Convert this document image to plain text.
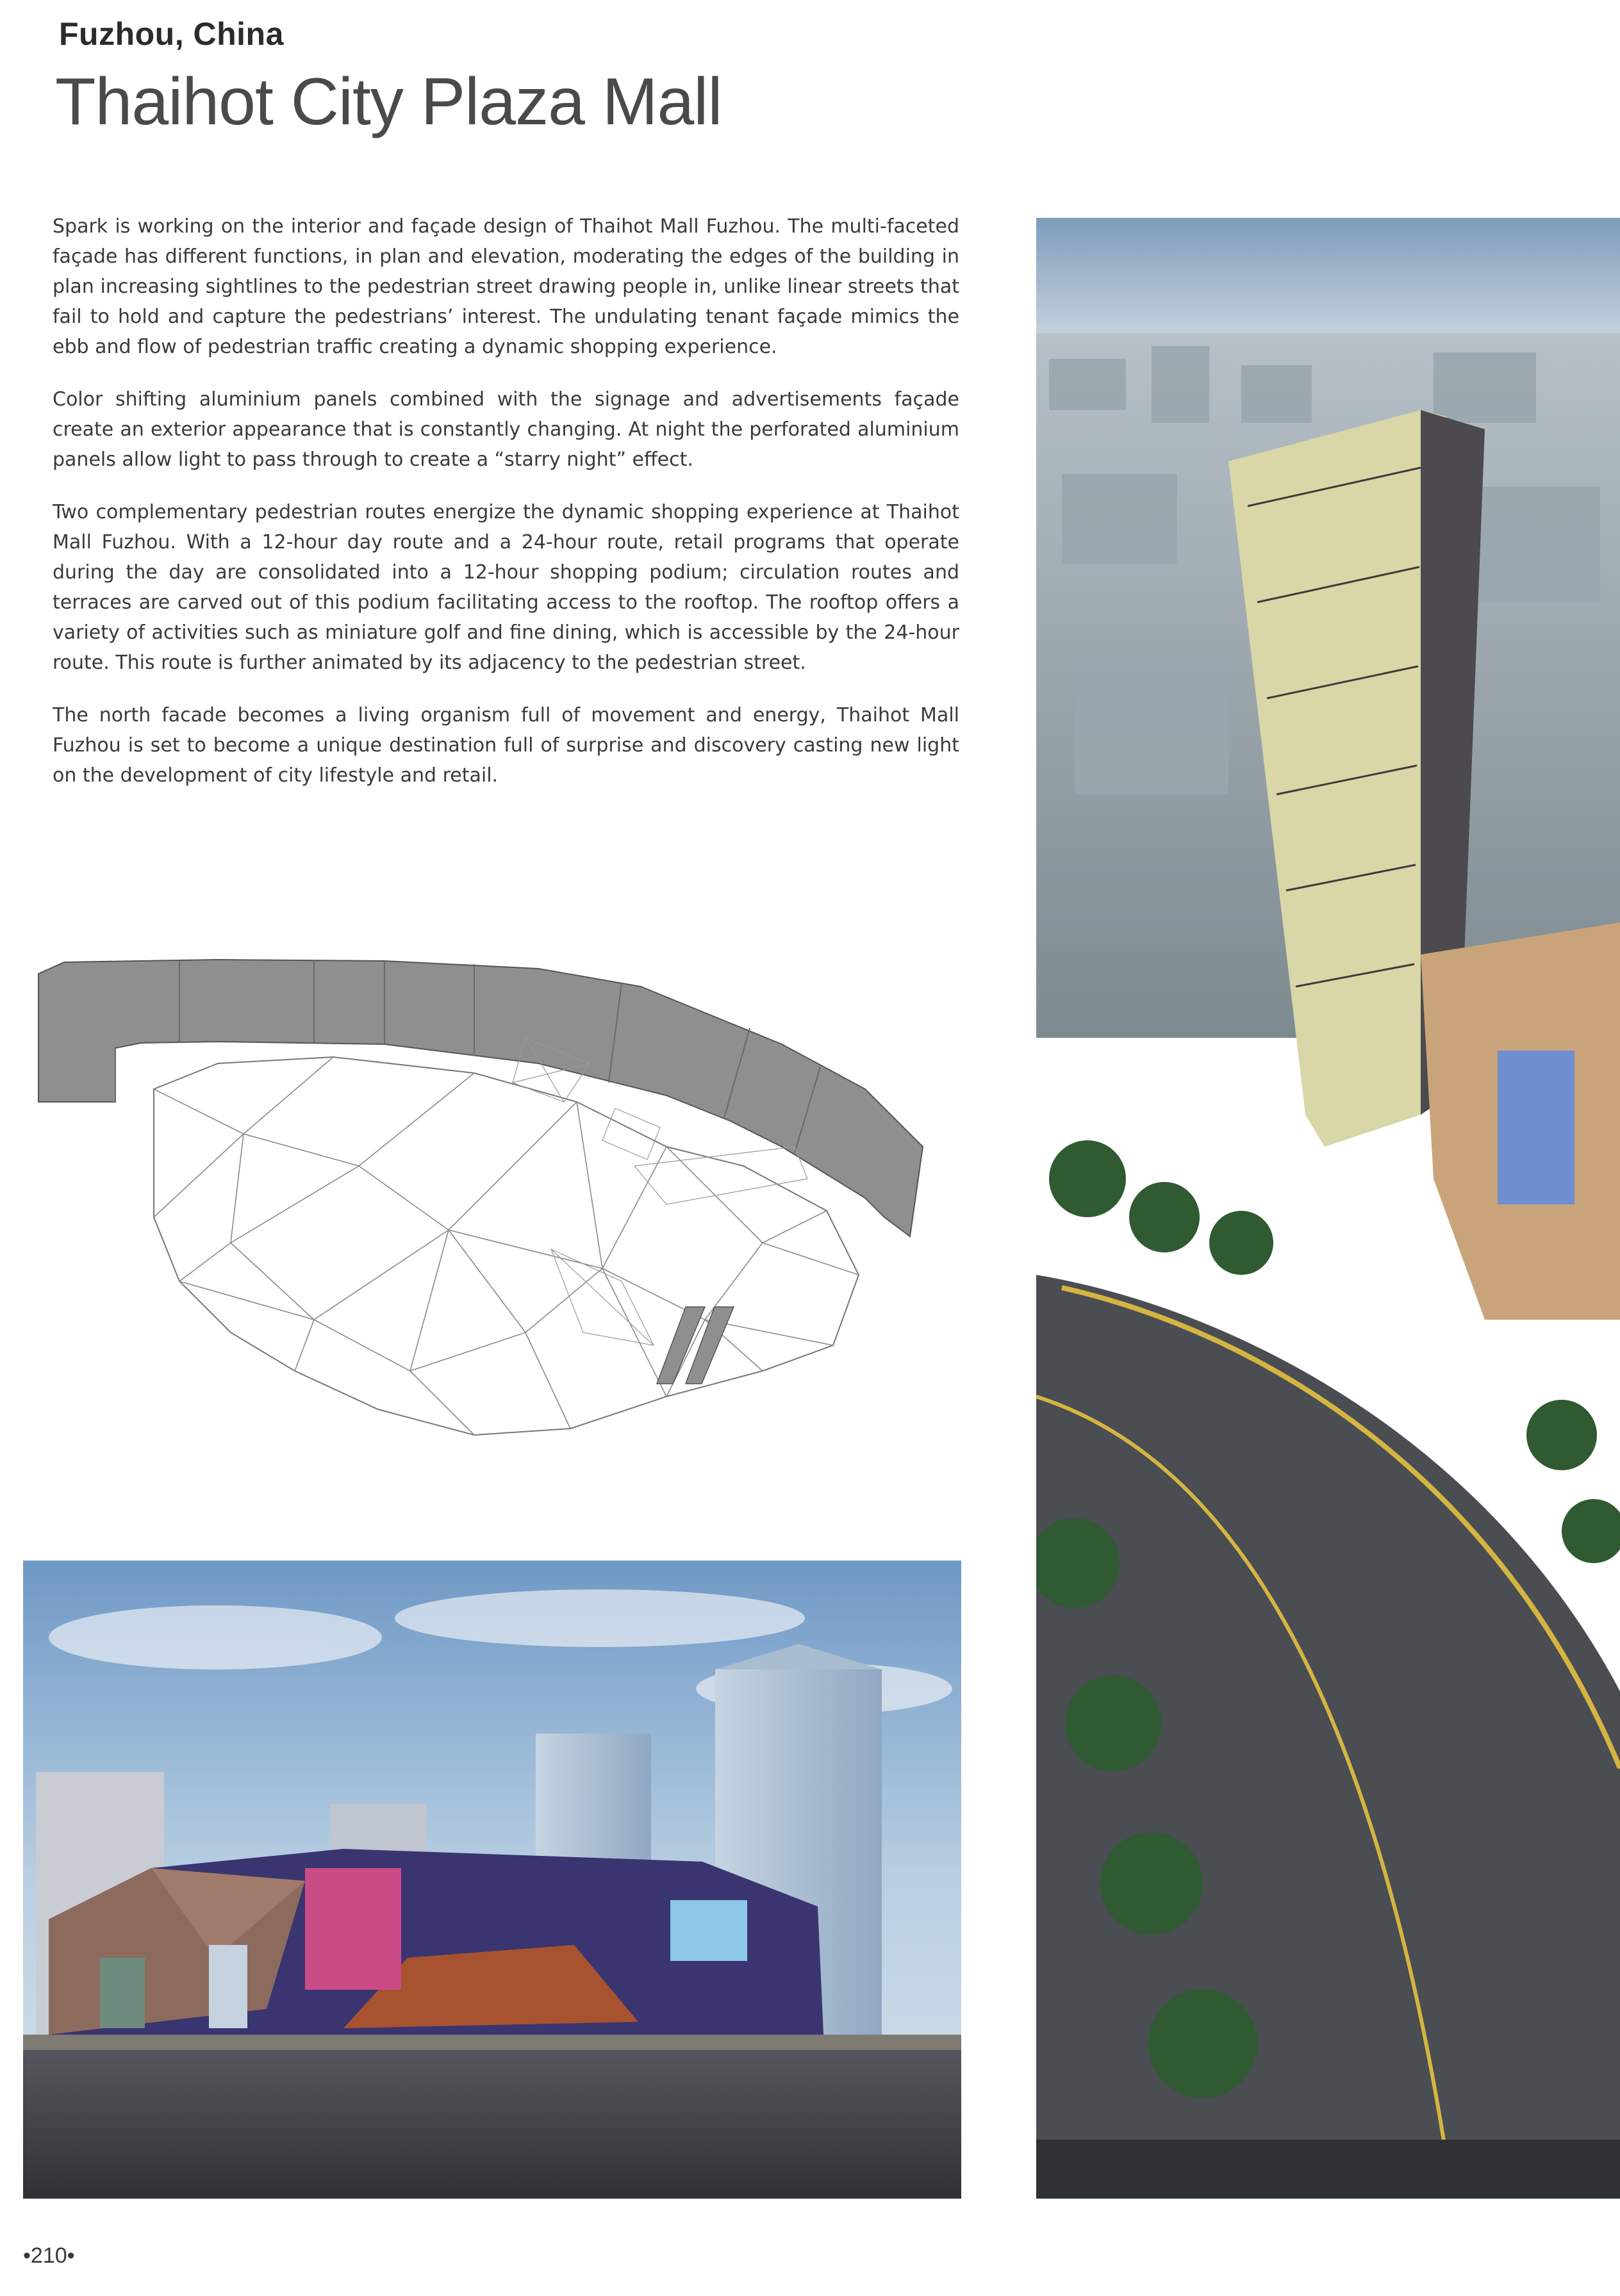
Fuzhou, China
Thaihot City Plaza Mall

Spark is working on the interior and façade design of Thaihot Mall Fuzhou. The multi-faceted façade has different functions, in plan and elevation, moderating the edges of the building in plan increasing sightlines to the pedestrian street drawing people in, unlike linear streets that fail to hold and capture the pedestrians’ interest. The undulating tenant façade mimics the ebb and flow of pedestrian traffic creating a dynamic shopping experience.

Color shifting aluminium panels combined with the signage and advertisements façade create an exterior appearance that is constantly changing. At night the perforated aluminium panels allow light to pass through to create a “starry night” effect.

Two complementary pedestrian routes energize the dynamic shopping experience at Thaihot Mall Fuzhou. With a 12-hour day route and a 24-hour route, retail programs that operate during the day are consolidated into a 12-hour shopping podium; circulation routes and terraces are carved out of this podium facilitating access to the rooftop. The rooftop offers a variety of activities such as miniature golf and fine dining, which is accessible by the 24-hour route. This route is further animated by its adjacency to the pedestrian street.

The north facade becomes a living organism full of movement and energy, Thaihot Mall Fuzhou is set to become a unique destination full of surprise and discovery casting new light on the development of city lifestyle and retail.

•210•
